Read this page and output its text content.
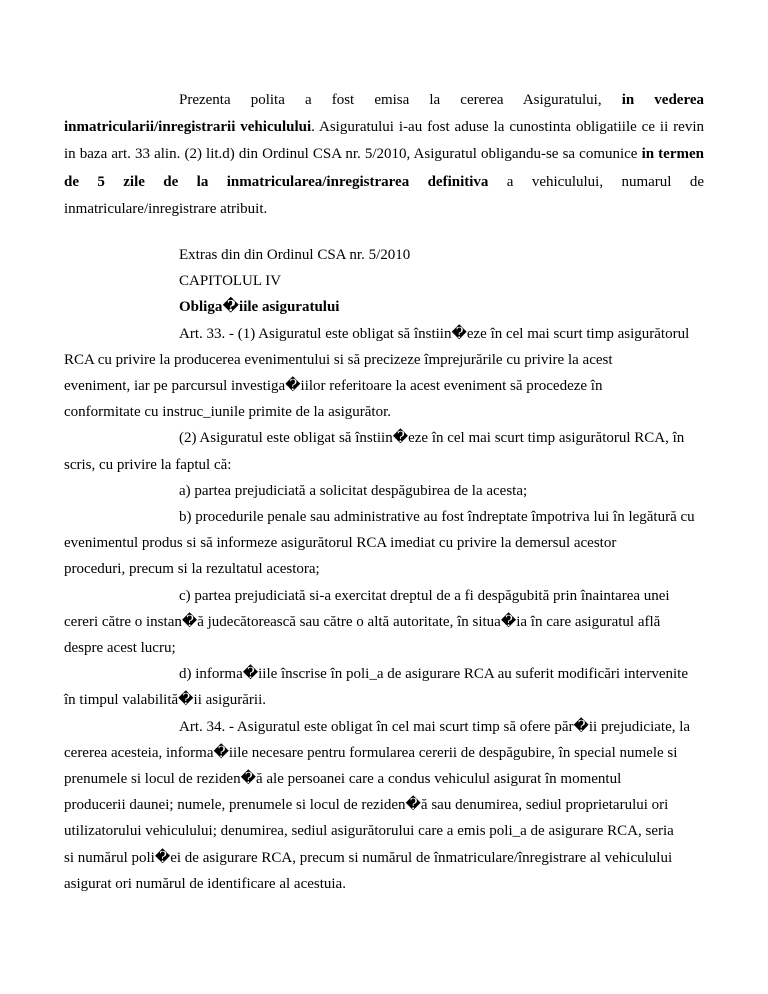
Prezenta polita a fost emisa la cererea Asiguratului, in vederea inmatricularii/inregistrarii vehiculului. Asiguratului i-au fost aduse la cunostinta obligatiile ce ii revin in baza art. 33 alin. (2) lit.d) din Ordinul CSA nr. 5/2010, Asiguratul obligandu-se sa comunice in termen de 5 zile de la inmatricularea/inregistrarea definitiva a vehiculului, numarul de inmatriculare/inregistrare atribuit.

Extras din din Ordinul CSA nr. 5/2010

CAPITOLUL IV

Obliga�iile asiguratului

Art. 33. - (1) Asiguratul este obligat să înstiin�eze în cel mai scurt timp asigurătorul

RCA cu privire la producerea evenimentului si să precizeze împrejurările cu privire la acest

eveniment, iar pe parcursul investiga�iilor referitoare la acest eveniment să procedeze în

conformitate cu instruc_iunile primite de la asigurător.

(2) Asiguratul este obligat să înstiin�eze în cel mai scurt timp asigurătorul RCA, în

scris, cu privire la faptul că:

a) partea prejudiciată a solicitat despăgubirea de la acesta;

b) procedurile penale sau administrative au fost îndreptate împotriva lui în legătură cu

evenimentul produs si să informeze asigurătorul RCA imediat cu privire la demersul acestor

proceduri, precum si la rezultatul acestora;

c) partea prejudiciată si-a exercitat dreptul de a fi despăgubită prin înaintarea unei

cereri către o instan�ă judecătorească sau către o altă autoritate, în situa�ia în care asiguratul află

despre acest lucru;

d) informa�iile înscrise în poli_a de asigurare RCA au suferit modificări intervenite

în timpul valabilită�ii asigurării.

Art. 34. - Asiguratul este obligat în cel mai scurt timp să ofere păr�ii prejudiciate, la

cererea acesteia, informa�iile necesare pentru formularea cererii de despăgubire, în special numele si

prenumele si locul de reziden�ă ale persoanei care a condus vehiculul asigurat în momentul

producerii daunei; numele, prenumele si locul de reziden�ă sau denumirea, sediul proprietarului ori

utilizatorului vehiculului; denumirea, sediul asigurătorului care a emis poli_a de asigurare RCA, seria

si numărul poli�ei de asigurare RCA, precum si numărul de înmatriculare/înregistrare al vehiculului

asigurat ori numărul de identificare al acestuia.
